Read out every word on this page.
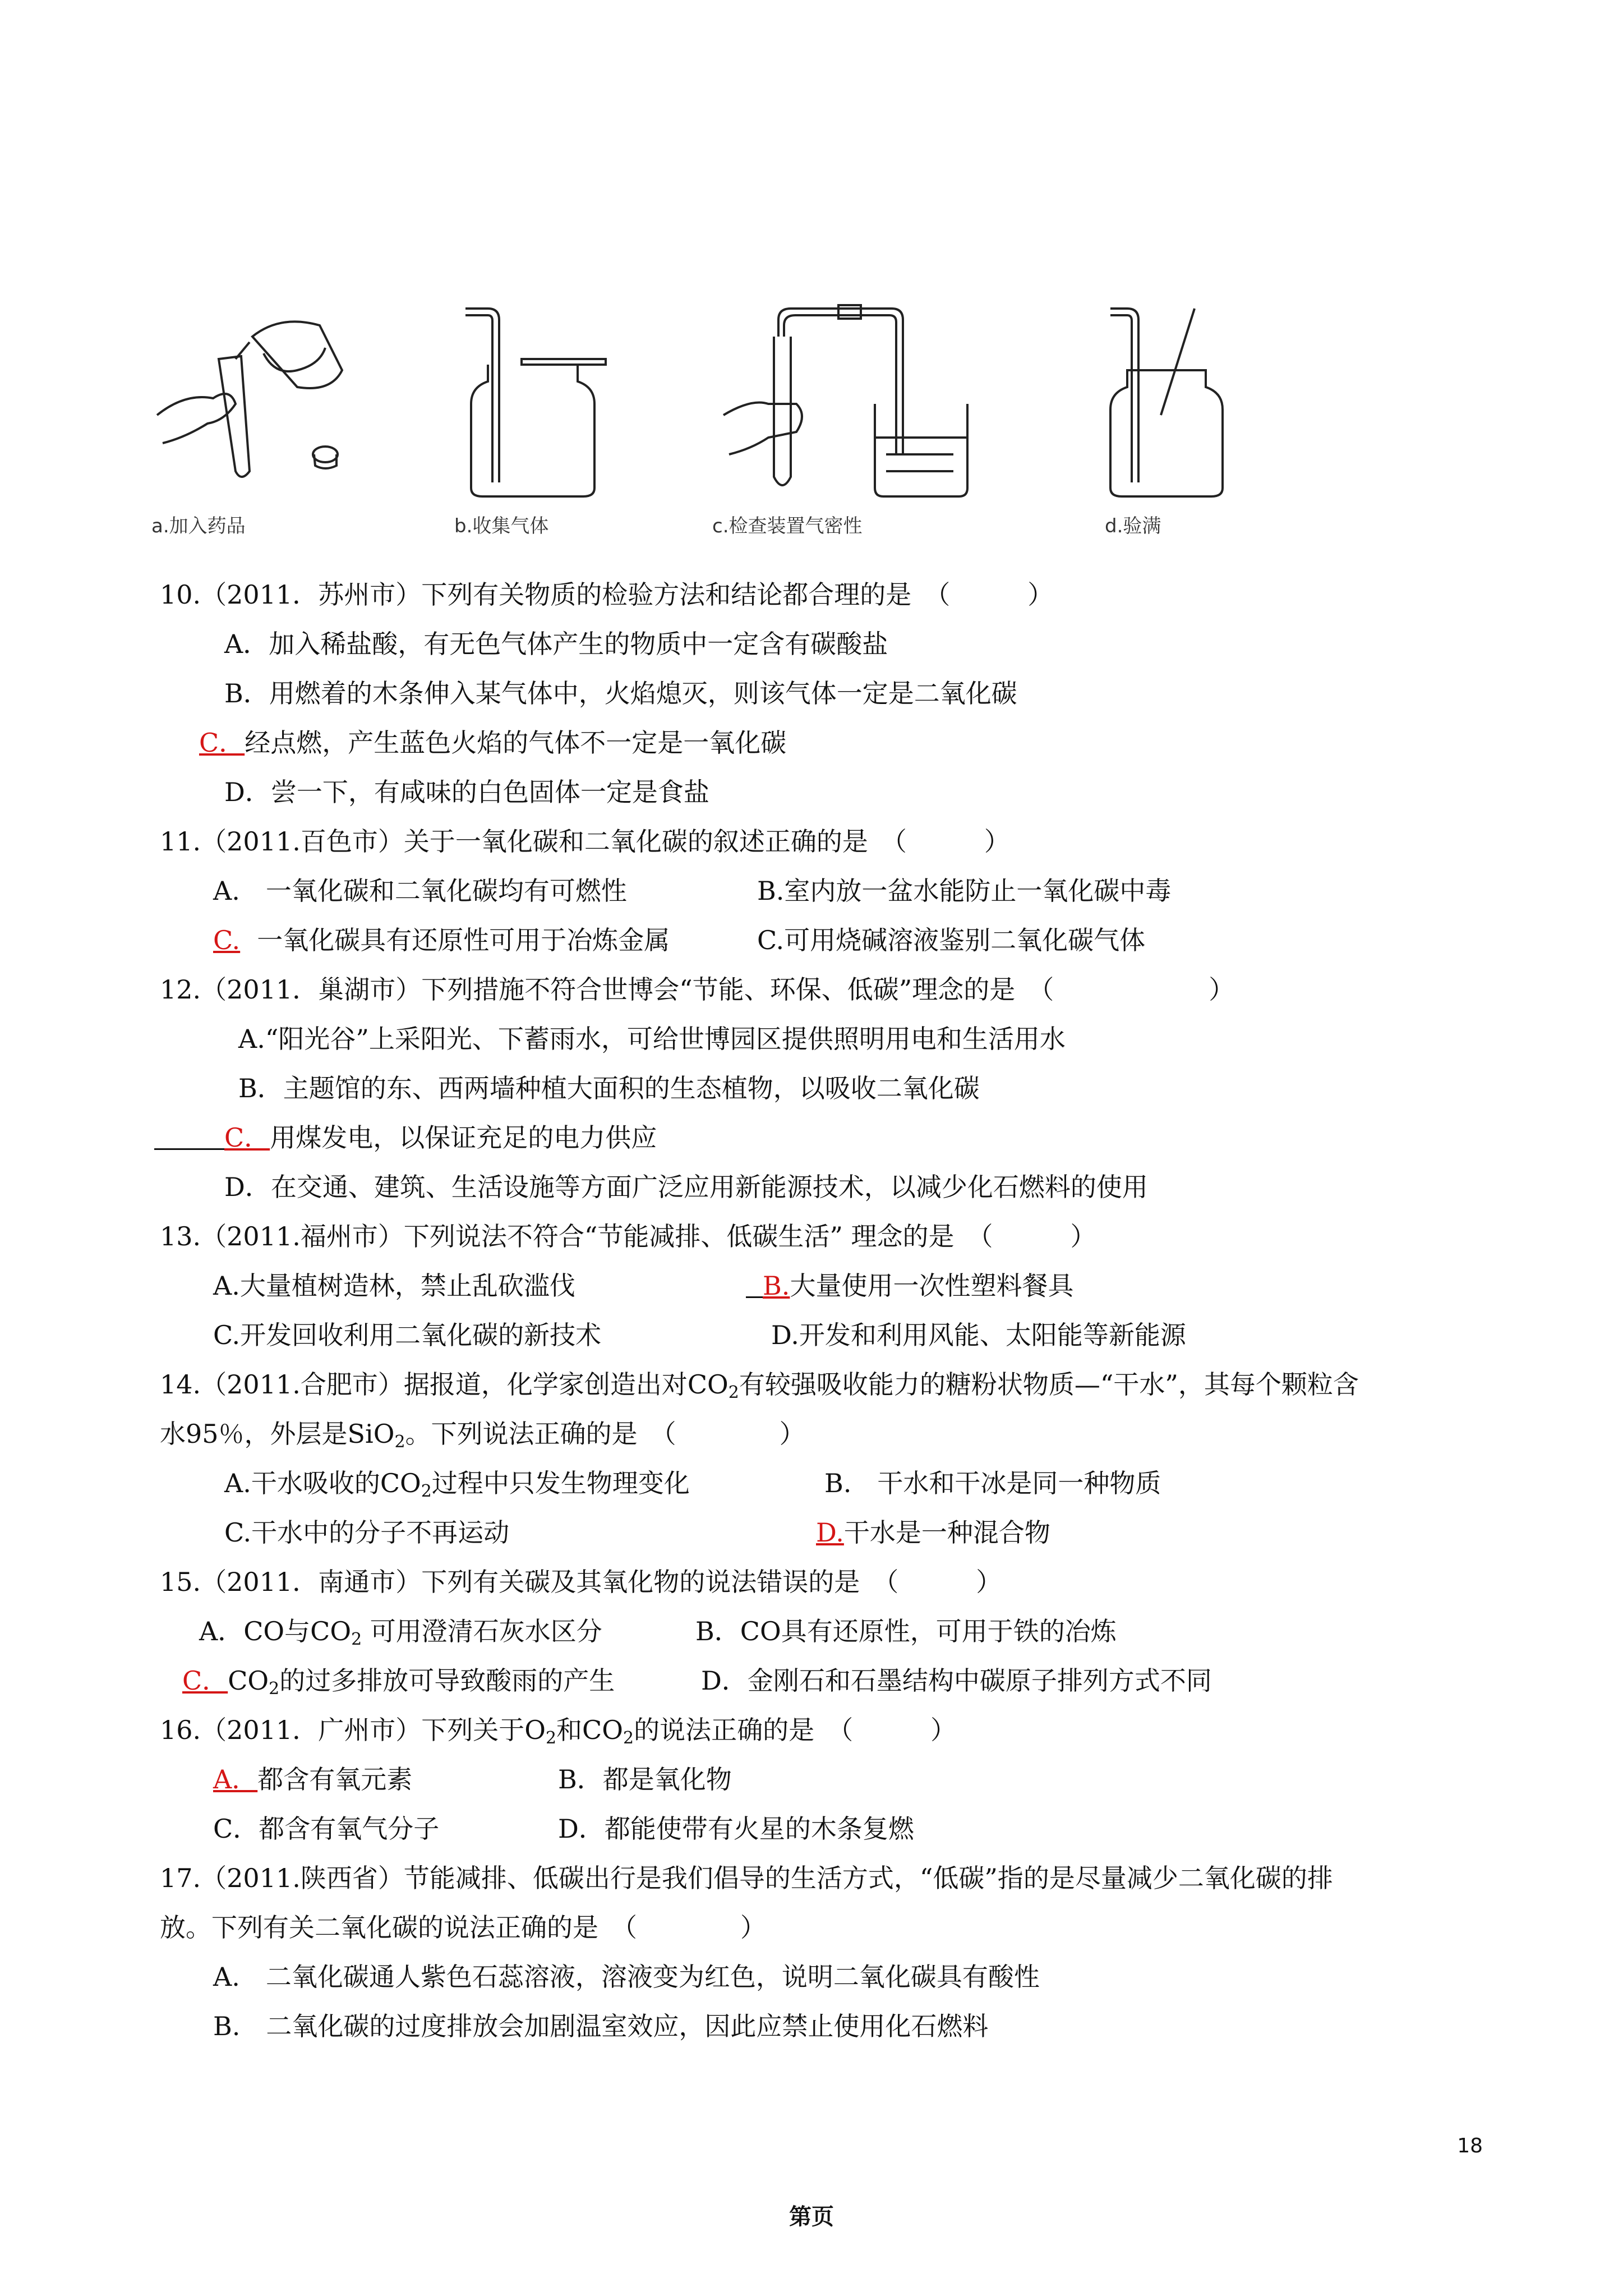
a.加入药品	b.收集气体	c.检查装置气密性	d.验满
10.（2011．苏州市）下列有关物质的检验方法和结论都合理的是　（　　　）
A．加入稀盐酸，有无色气体产生的物质中一定含有碳酸盐
B．用燃着的木条伸入某气体中，火焰熄灭，则该气体一定是二氧化碳
C．经点燃，产生蓝色火焰的气体不一定是一氧化碳
D．尝一下，有咸味的白色固体一定是食盐
11.（2011.百色市）关于一氧化碳和二氧化碳的叙述正确的是　（　　　）
A.　一氧化碳和二氧化碳均有可燃性	B.室内放一盆水能防止一氧化碳中毒
C. 一氧化碳具有还原性可用于冶炼金属	C.可用烧碱溶液鉴别二氧化碳气体
12.（2011．巢湖市）下列措施不符合世博会“节能、环保、低碳”理念的是　（　　　　　　）
A.“阳光谷”上采阳光、下蓄雨水，可给世博园区提供照明用电和生活用水
B．主题馆的东、西两墙种植大面积的生态植物，以吸收二氧化碳
C．用煤发电，以保证充足的电力供应
D．在交通、建筑、生活设施等方面广泛应用新能源技术，以减少化石燃料的使用
13.（2011.福州市）下列说法不符合“节能减排、低碳生活” 理念的是　（　　　）
A.大量植树造林，禁止乱砍滥伐	B.大量使用一次性塑料餐具
C.开发回收利用二氧化碳的新技术	D.开发和利用风能、太阳能等新能源
14.（2011.合肥市）据报道，化学家创造出对$CO_2$有较强吸收能力的糖粉状物质—“干水”，其每个颗粒含
水95％，外层是SiO$_2$。下列说法正确的是　（　　　　）
A.干水吸收的$CO_2$过程中只发生物理变化	B.　干水和干冰是同一种物质
C.干水中的分子不再运动	D.干水是一种混合物
15.（2011．南通市）下列有关碳及其氧化物的说法错误的是　（　　　）
A．CO与$CO_2$ 可用澄清石灰水区分	B．CO具有还原性，可用于铁的冶炼
C．$CO_2$的过多排放可导致酸雨的产生	D．金刚石和石墨结构中碳原子排列方式不同
16.（2011．广州市）下列关于$O_2$和$CO_2$的说法正确的是　（　　　）
A．都含有氧元素	B．都是氧化物
C．都含有氧气分子	D．都能使带有火星的木条复燃
17.（2011.陕西省）节能减排、低碳出行是我们倡导的生活方式，“低碳”指的是尽量减少二氧化碳的排
放。下列有关二氧化碳的说法正确的是　（　　　　）
A.　二氧化碳通人紫色石蕊溶液，溶液变为红色，说明二氧化碳具有酸性
B.　二氧化碳的过度排放会加剧温室效应，因此应禁止使用化石燃料
18
第页
